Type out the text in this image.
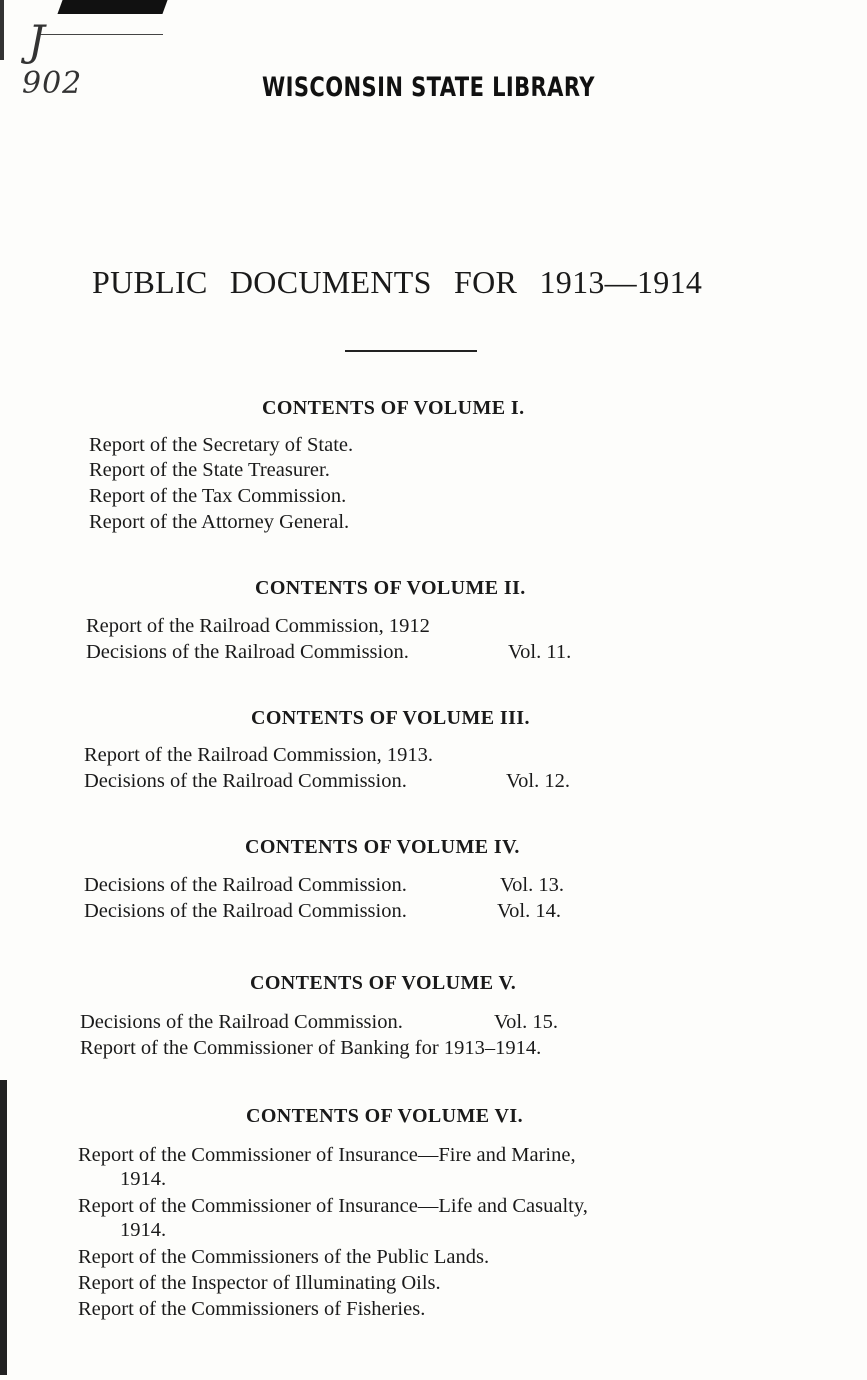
J
902	WISCONSIN STATE LIBRARY
PUBLIC DOCUMENTS FOR 1913—1914
CONTENTS OF VOLUME I.
Report of the Secretary of State.
Report of the State Treasurer.
Report of the Tax Commission.
Report of the Attorney General.
CONTENTS OF VOLUME II.
Report of the Railroad Commission, 1912
Decisions of the Railroad Commission.	Vol. 11.
CONTENTS OF VOLUME III.
Report of the Railroad Commission, 1913.
Decisions of the Railroad Commission.	Vol. 12.
CONTENTS OF VOLUME IV.
Decisions of the Railroad Commission.	Vol. 13.
Decisions of the Railroad Commission.	Vol. 14.
CONTENTS OF VOLUME V.
Decisions of the Railroad Commission.	Vol. 15.
Report of the Commissioner of Banking for 1913–1914.
CONTENTS OF VOLUME VI.
Report of the Commissioner of Insurance—Fire and Marine,
1914.
Report of the Commissioner of Insurance—Life and Casualty,
1914.
Report of the Commissioners of the Public Lands.
Report of the Inspector of Illuminating Oils.
Report of the Commissioners of Fisheries.
